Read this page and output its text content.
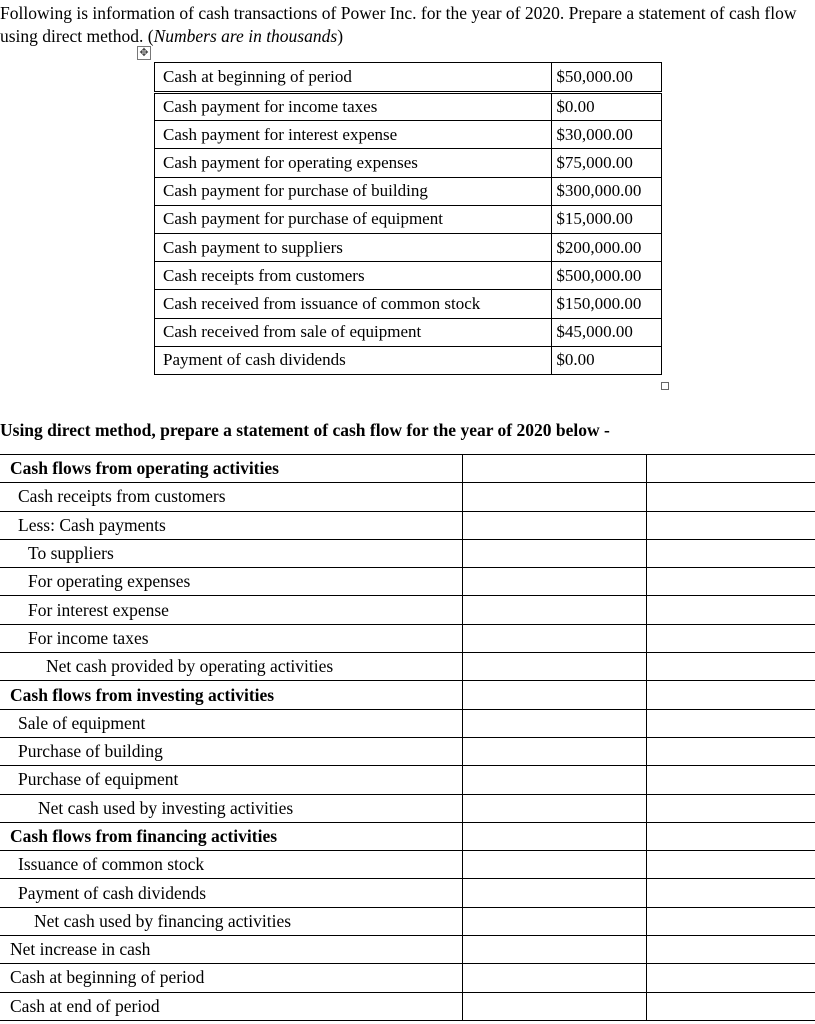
Following is information of cash transactions of Power Inc. for the year of 2020. Prepare a statement of cash flow using direct method. (Numbers are in thousands)
✥
Cash at beginning of period	$50,000.00
Cash payment for income taxes	$0.00
Cash payment for interest expense	$30,000.00
Cash payment for operating expenses	$75,000.00
Cash payment for purchase of building	$300,000.00
Cash payment for purchase of equipment	$15,000.00
Cash payment to suppliers	$200,000.00
Cash receipts from customers	$500,000.00
Cash received from issuance of common stock	$150,000.00
Cash received from sale of equipment	$45,000.00
Payment of cash dividends	$0.00
Using direct method, prepare a statement of cash flow for the year of 2020 below -
Cash flows from operating activities		
Cash receipts from customers		
Less: Cash payments		
To suppliers		
For operating expenses		
For interest expense		
For income taxes		
Net cash provided by operating activities		
Cash flows from investing activities		
Sale of equipment		
Purchase of building		
Purchase of equipment		
Net cash used by investing activities		
Cash flows from financing activities		
Issuance of common stock		
Payment of cash dividends		
Net cash used by financing activities		
Net increase in cash		
Cash at beginning of period		
Cash at end of period		
